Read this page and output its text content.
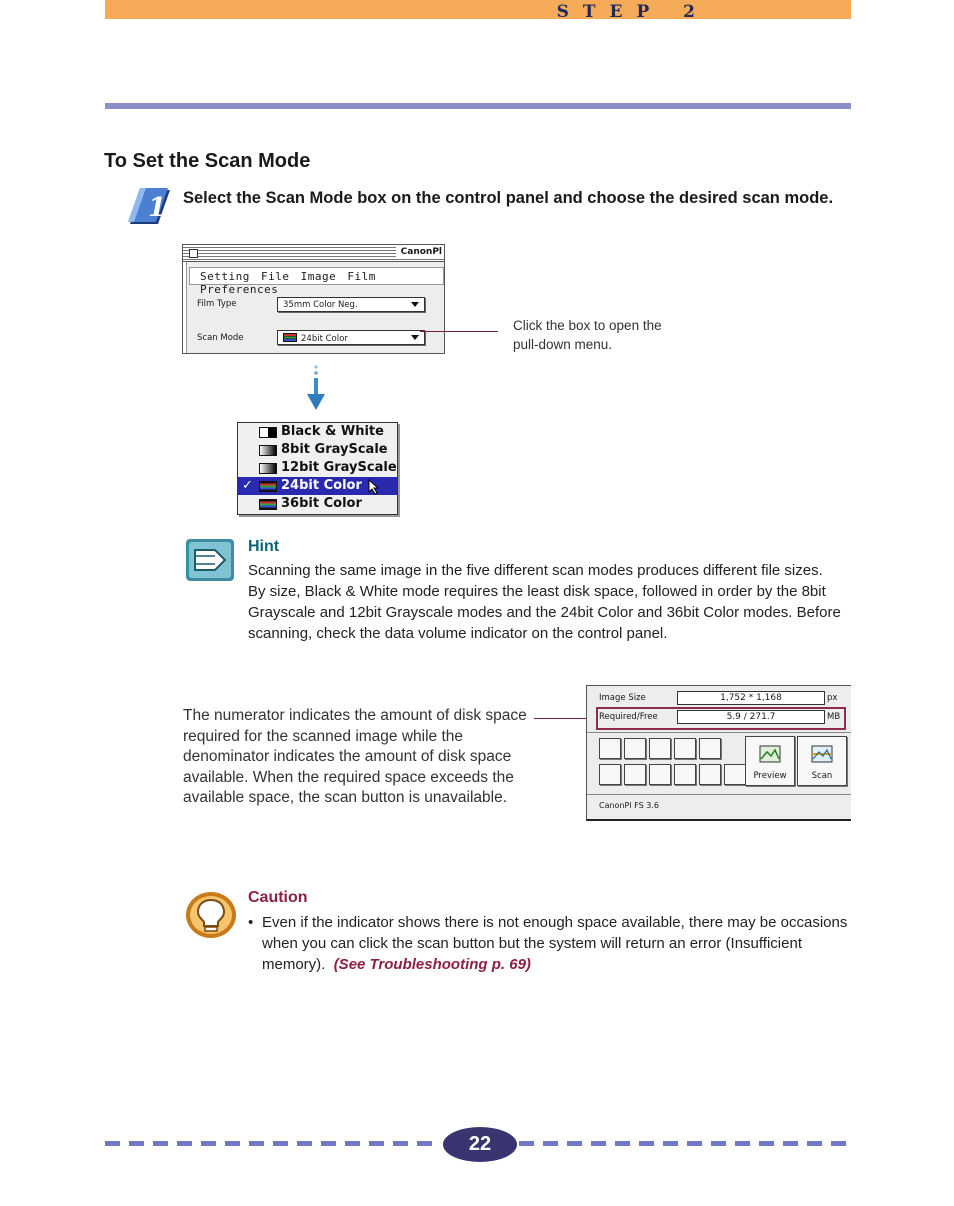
STEP 2
To Set the Scan Mode
1 Select the Scan Mode box on the control panel and choose the desired scan mode.
CanonPl
Setting File Image Film Preferences
Film Type	35mm Color Neg.
Scan Mode	24bit Color
Click the box to open the
pull-down menu.
Black & White
8bit GrayScale
12bit GrayScale
✓ 24bit Color
36bit Color
Hint
Scanning the same image in the five different scan modes produces different file sizes. By size, Black & White mode requires the least disk space, followed in order by the 8bit Grayscale and 12bit Grayscale modes and the 24bit Color and 36bit Color modes. Before scanning, check the data volume indicator on the control panel.
The numerator indicates the amount of disk space required for the scanned image while the denominator indicates the amount of disk space available. When the required space exceeds the available space, the scan button is unavailable.
Image Size	1,752 * 1,168	px
Required/Free	5.9 / 271.7	MB
Preview	Scan
CanonPl FS 3.6
Caution
• Even if the indicator shows there is not enough space available, there may be occasions when you can click the scan button but the system will return an error (Insufficient memory). (See Troubleshooting p. 69)
22
